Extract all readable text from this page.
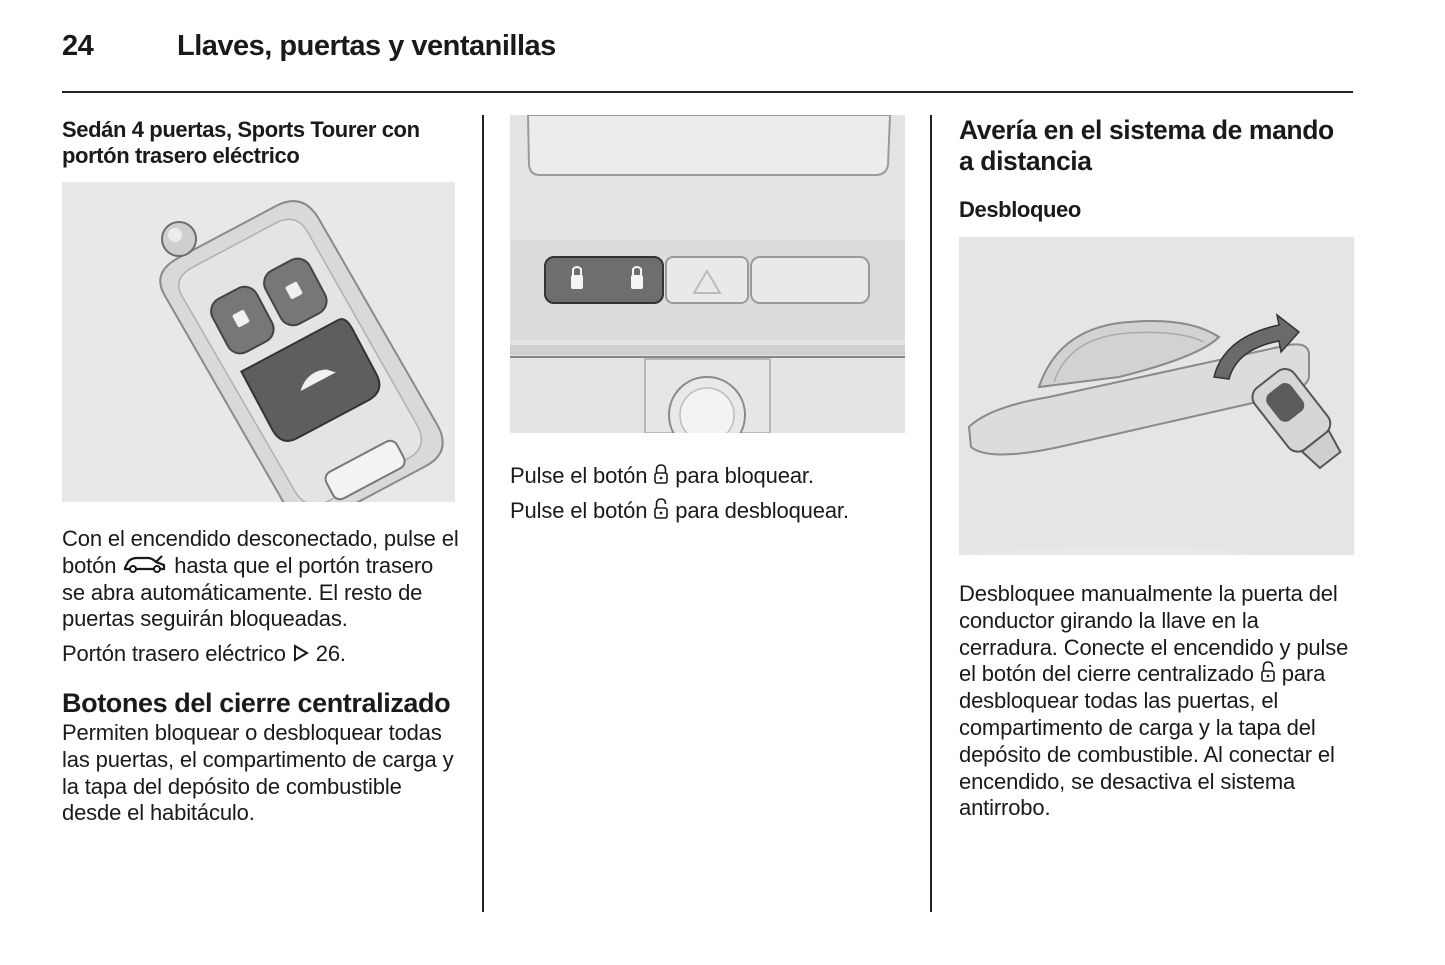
24	Llaves, puertas y ventanillas

Sedán 4 puertas, Sports Tourer con portón trasero eléctrico

Con el encendido desconectado, pulse el botón  hasta que el portón trasero se abra automáticamente. El resto de puertas seguirán bloqueadas.

Portón trasero eléctrico  26.

Botones del cierre centralizado

Permiten bloquear o desbloquear todas las puertas, el compartimento de carga y la tapa del depósito de combustible desde el habitáculo.

Pulse el botón  para bloquear.

Pulse el botón  para desbloquear.

Avería en el sistema de mando a distancia

Desbloqueo

Desbloquee manualmente la puerta del conductor girando la llave en la cerradura. Conecte el encendido y pulse el botón del cierre centralizado  para desbloquear todas las puertas, el compartimento de carga y la tapa del depósito de combustible. Al conectar el encendido, se desactiva el sistema antirrobo.
